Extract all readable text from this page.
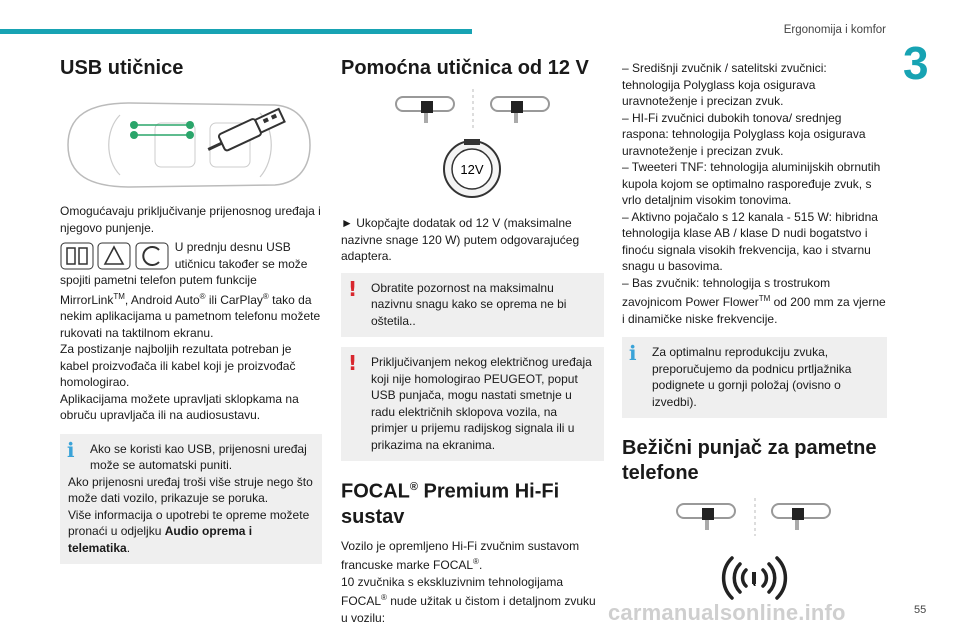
Ergonomija i komfor
3
USB utičnice

Omogućavaju priključivanje prijenosnog uređaja i njegovo punjenje.

U prednju desnu USB utičnicu također se može spojiti pametni telefon putem funkcije MirrorLink™, Android Auto® ili CarPlay® tako da nekim aplikacijama u pametnom telefonu možete rukovati na taktilnom ekranu.

Za postizanje najboljih rezultata potreban je kabel proizvođača ili kabel koji je proizvođač homologirao.

Aplikacijama možete upravljati sklopkama na obruču upravljača ili na audiosustavu.

ℹ	Ako se koristi kao USB, prijenosni uređaj može se automatski puniti.
Ako prijenosni uređaj troši više struje nego što može dati vozilo, prikazuje se poruka.
Više informacija o upotrebi te opreme možete pronaći u odjeljku Audio oprema i telematika.
Pomoćna utičnica od 12 V
12V

► Ukopčajte dodatak od 12 V (maksimalne nazivne snage 120 W) putem odgovarajućeg adaptera.

!	Obratite pozornost na maksimalnu nazivnu snagu kako se oprema ne bi oštetila..
!	Priključivanjem nekog električnog uređaja koji nije homologirao PEUGEOT, poput USB punjača, mogu nastati smetnje u radu električnih sklopova vozila, na primjer u prijemu radijskog signala ili u prikazima na ekranima.
FOCAL® Premium Hi-Fi sustav

Vozilo je opremljeno Hi-Fi zvučnim sustavom francuske marke FOCAL®.

10 zvučnika s ekskluzivnim tehnologijama FOCAL® nude užitak u čistom i detaljnom zvuku u vozilu:

– Središnji zvučnik / satelitski zvučnici: tehnologija Polyglass koja osigurava uravnoteženje i precizan zvuk.

– HI-Fi zvučnici dubokih tonova/ srednjeg raspona: tehnologija Polyglass koja osigurava uravnoteženje i precizan zvuk.

– Tweeteri TNF: tehnologija aluminijskih obrnutih kupola kojom se optimalno raspoređuje zvuk, s vrlo detaljnim visokim tonovima.

– Aktivno pojačalo s 12 kanala - 515 W: hibridna tehnologija klase AB / klase D nudi bogatstvo i finoću signala visokih frekvencija, kao i stvarnu snagu u basovima.

– Bas zvučnik: tehnologija s trostrukom zavojnicom Power Flower™ od 200 mm za vjerne i dinamičke niske frekvencije.

ℹ	Za optimalnu reprodukciju zvuka, preporučujemo da podnicu prtljažnika podignete u gornji položaj (ovisno o izvedbi).
Bežični punjač za pametne telefone
carmanualsonline.info	55
